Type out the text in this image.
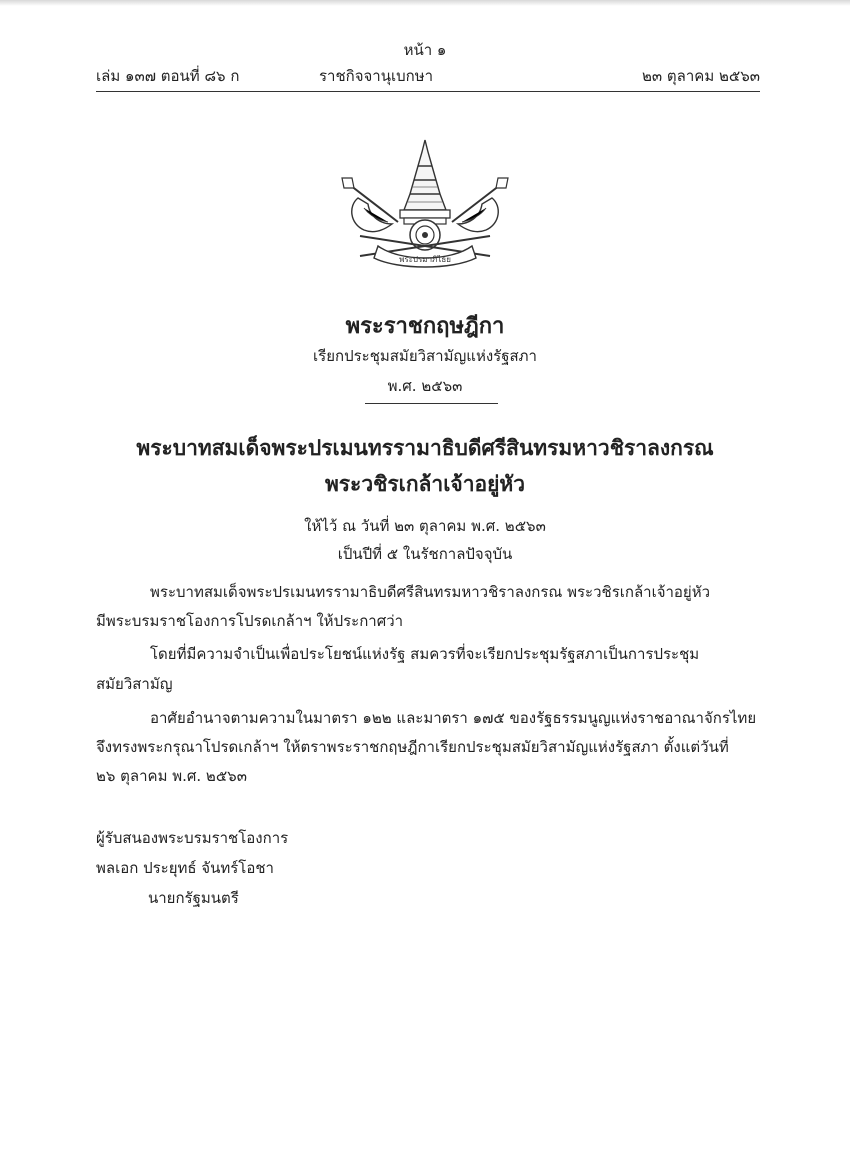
หน้า ๑
เล่ม ๑๓๗ ตอนที่ ๘๖ ก	ราชกิจจานุเบกษา	๒๓ ตุลาคม ๒๕๖๓
พระปรมาภิไธย
พระราชกฤษฎีกา
เรียกประชุมสมัยวิสามัญแห่งรัฐสภา
พ.ศ. ๒๕๖๓
พระบาทสมเด็จพระปรเมนทรรามาธิบดีศรีสินทรมหาวชิราลงกรณ
พระวชิรเกล้าเจ้าอยู่หัว
ให้ไว้ ณ วันที่ ๒๓ ตุลาคม พ.ศ. ๒๕๖๓
เป็นปีที่ ๕ ในรัชกาลปัจจุบัน
พระบาทสมเด็จพระปรเมนทรรามาธิบดีศรีสินทรมหาวชิราลงกรณ พระวชิรเกล้าเจ้าอยู่หัว
มีพระบรมราชโองการโปรดเกล้าฯ ให้ประกาศว่า
โดยที่มีความจำเป็นเพื่อประโยชน์แห่งรัฐ สมควรที่จะเรียกประชุมรัฐสภาเป็นการประชุม
สมัยวิสามัญ
อาศัยอำนาจตามความในมาตรา ๑๒๒ และมาตรา ๑๗๕ ของรัฐธรรมนูญแห่งราชอาณาจักรไทย
จึงทรงพระกรุณาโปรดเกล้าฯ ให้ตราพระราชกฤษฎีกาเรียกประชุมสมัยวิสามัญแห่งรัฐสภา ตั้งแต่วันที่
๒๖ ตุลาคม พ.ศ. ๒๕๖๓
ผู้รับสนองพระบรมราชโองการ
พลเอก ประยุทธ์ จันทร์โอชา
นายกรัฐมนตรี
